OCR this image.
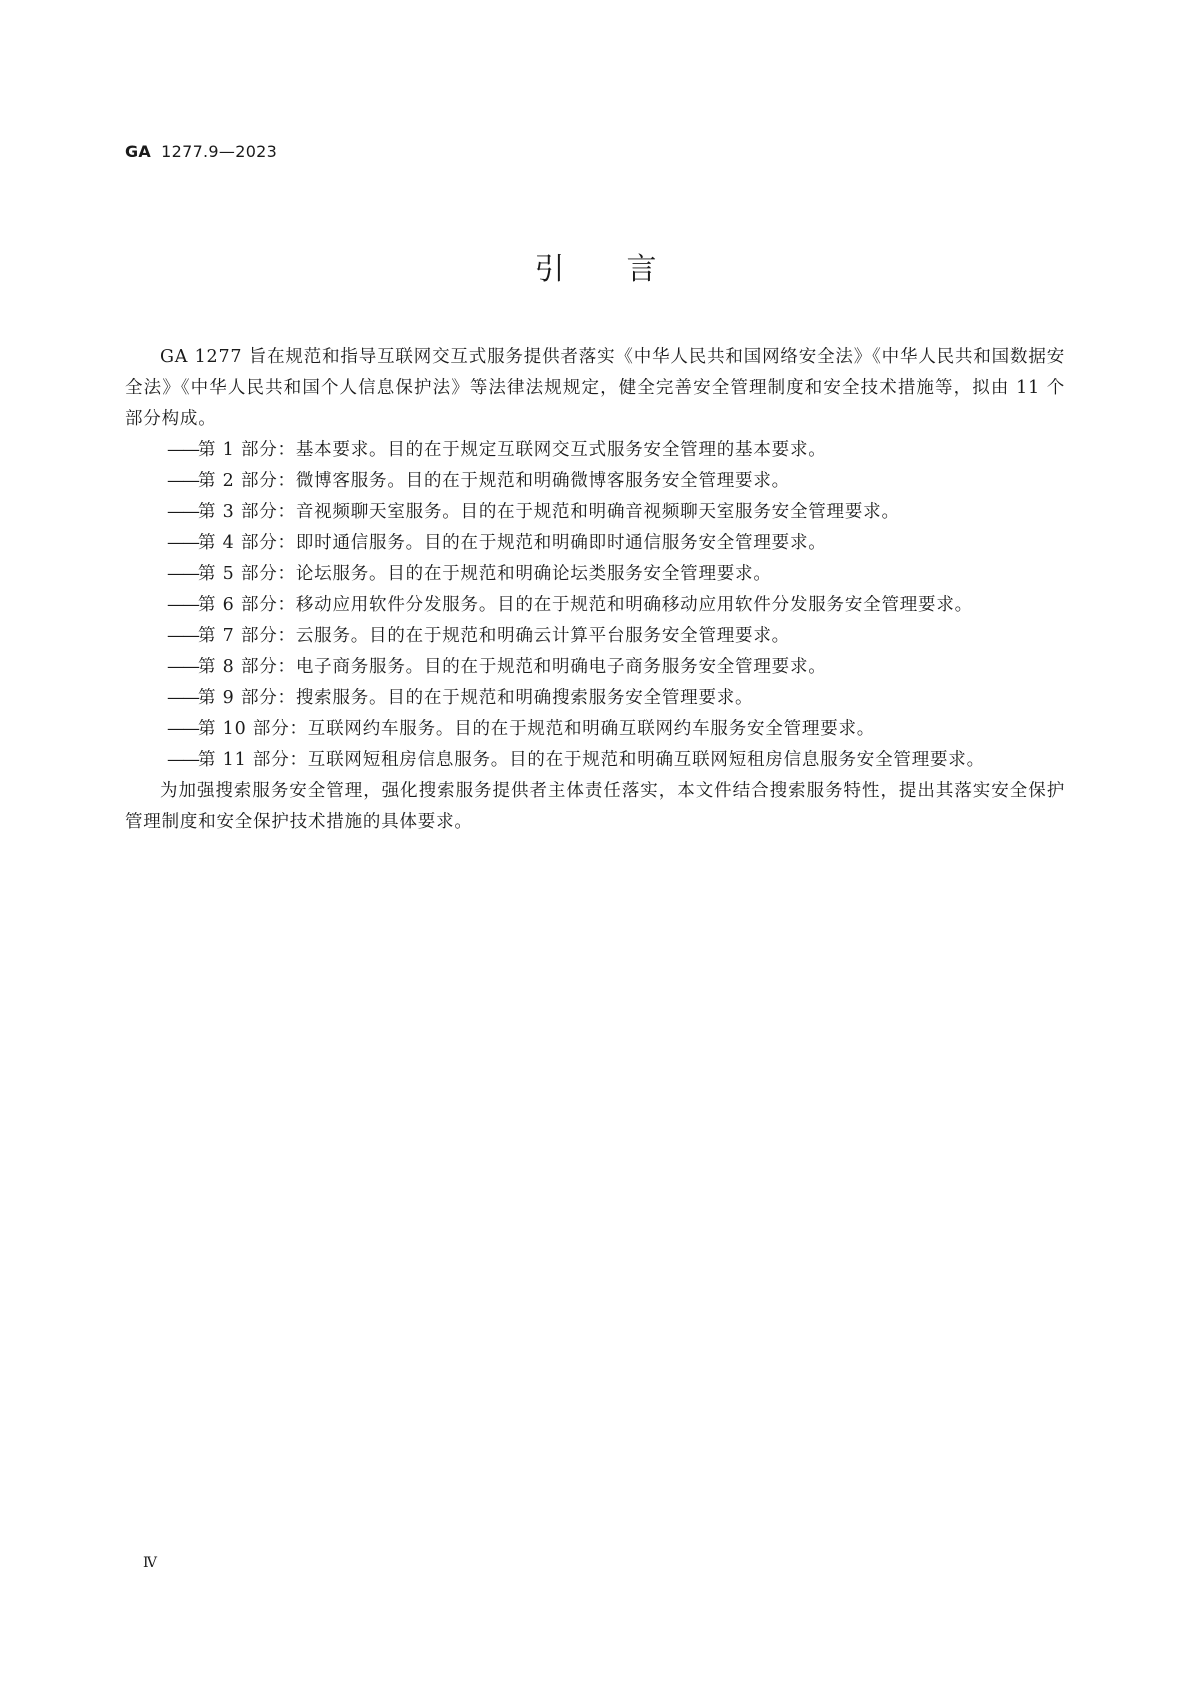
GA 1277.9—2023
引言

GA 1277 旨在规范和指导互联网交互式服务提供者落实《中华人民共和国网络安全法》《中华人民共和国数据安全法》《中华人民共和国个人信息保护法》等法律法规规定，健全完善安全管理制度和安全技术措施等，拟由 11 个部分构成。

——第 1 部分：基本要求。目的在于规定互联网交互式服务安全管理的基本要求。

——第 2 部分：微博客服务。目的在于规范和明确微博客服务安全管理要求。

——第 3 部分：音视频聊天室服务。目的在于规范和明确音视频聊天室服务安全管理要求。

——第 4 部分：即时通信服务。目的在于规范和明确即时通信服务安全管理要求。

——第 5 部分：论坛服务。目的在于规范和明确论坛类服务安全管理要求。

——第 6 部分：移动应用软件分发服务。目的在于规范和明确移动应用软件分发服务安全管理要求。

——第 7 部分：云服务。目的在于规范和明确云计算平台服务安全管理要求。

——第 8 部分：电子商务服务。目的在于规范和明确电子商务服务安全管理要求。

——第 9 部分：搜索服务。目的在于规范和明确搜索服务安全管理要求。

——第 10 部分：互联网约车服务。目的在于规范和明确互联网约车服务安全管理要求。

——第 11 部分：互联网短租房信息服务。目的在于规范和明确互联网短租房信息服务安全管理要求。

为加强搜索服务安全管理，强化搜索服务提供者主体责任落实，本文件结合搜索服务特性，提出其落实安全保护管理制度和安全保护技术措施的具体要求。

Ⅳ
